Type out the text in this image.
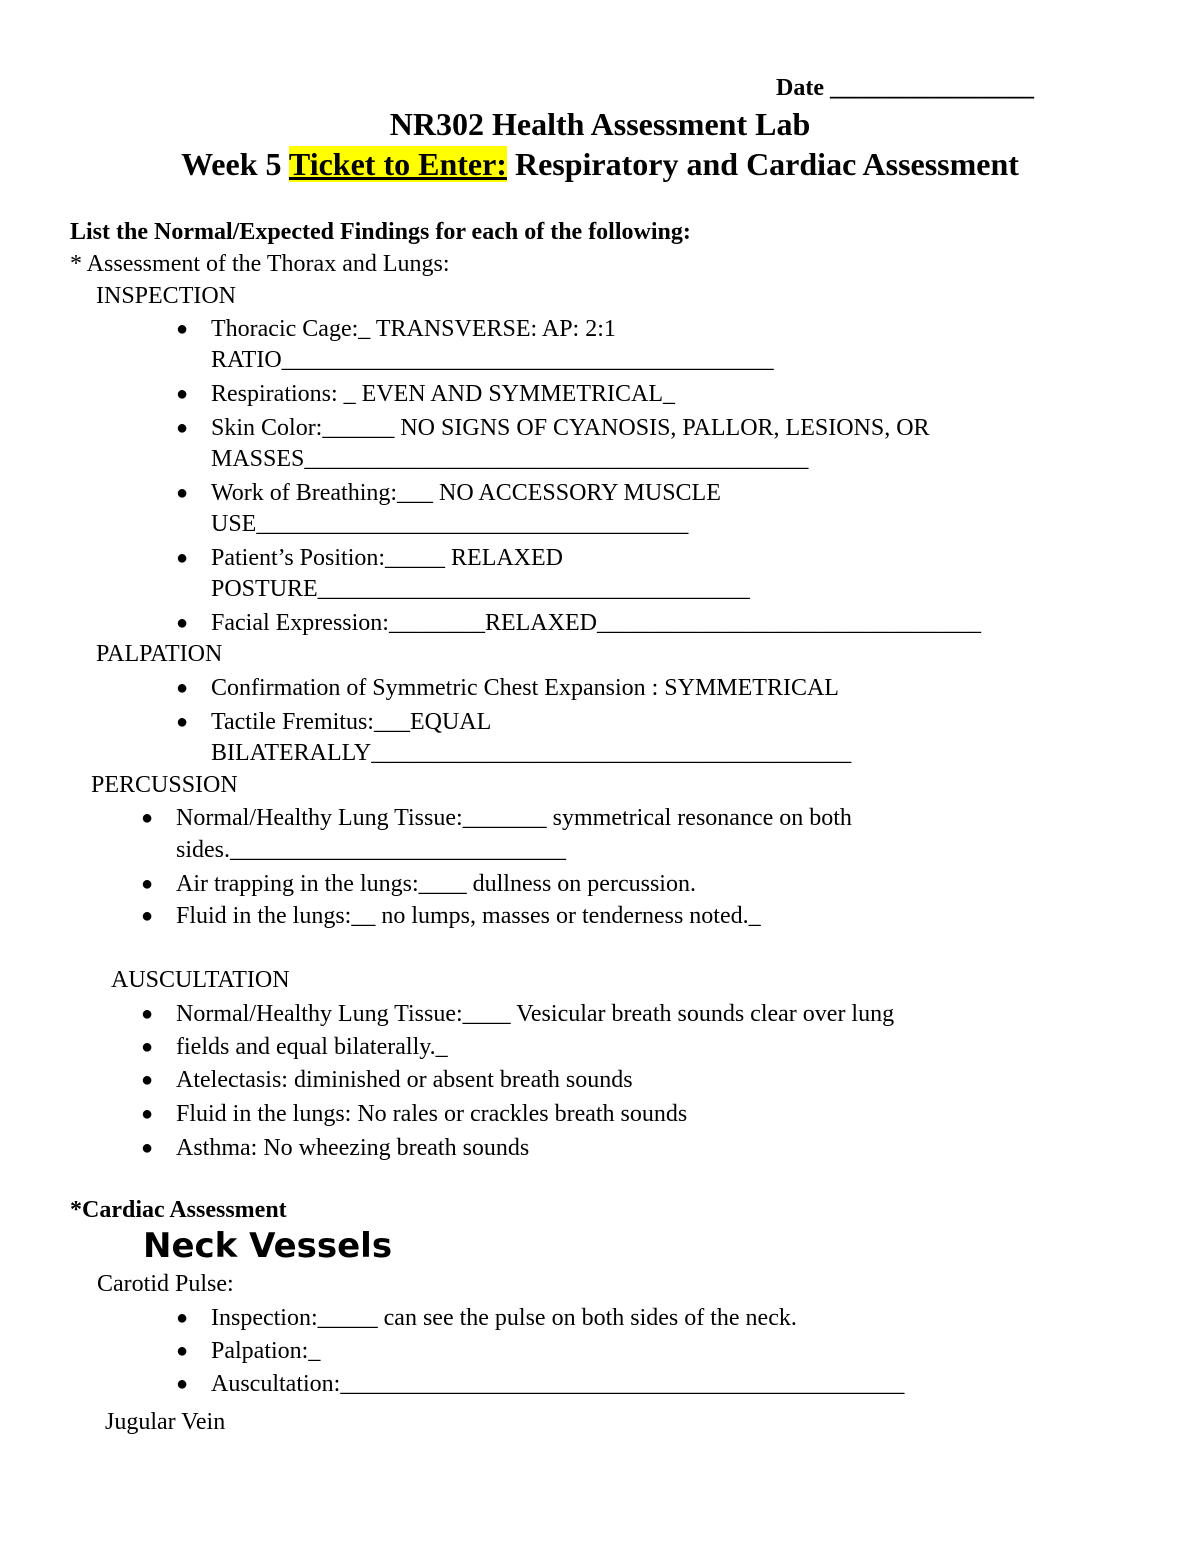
Date _________________
NR302 Health Assessment Lab
Week 5 Ticket to Enter: Respiratory and Cardiac Assessment
List the Normal/Expected Findings for each of the following:
* Assessment of the Thorax and Lungs:
INSPECTION
● Thoracic Cage:_ TRANSVERSE: AP: 2:1
RATIO_________________________________________
● Respirations: _ EVEN AND SYMMETRICAL_
● Skin Color:______ NO SIGNS OF CYANOSIS, PALLOR, LESIONS, OR
MASSES__________________________________________
● Work of Breathing:___ NO ACCESSORY MUSCLE
USE____________________________________
● Patient’s Position:_____ RELAXED
POSTURE____________________________________
● Facial Expression:________RELAXED________________________________
PALPATION
● Confirmation of Symmetric Chest Expansion : SYMMETRICAL
● Tactile Fremitus:___EQUAL
BILATERALLY________________________________________
PERCUSSION
● Normal/Healthy Lung Tissue:_______ symmetrical resonance on both
sides.____________________________
● Air trapping in the lungs:____ dullness on percussion.
● Fluid in the lungs:__ no lumps, masses or tenderness noted._
AUSCULTATION
● Normal/Healthy Lung Tissue:____ Vesicular breath sounds clear over lung
● fields and equal bilaterally._
● Atelectasis: diminished or absent breath sounds
● Fluid in the lungs: No rales or crackles breath sounds
● Asthma: No wheezing breath sounds
*Cardiac Assessment
Neck Vessels
Carotid Pulse:
● Inspection:_____ can see the pulse on both sides of the neck.
● Palpation:_
● Auscultation:_______________________________________________
Jugular Vein
